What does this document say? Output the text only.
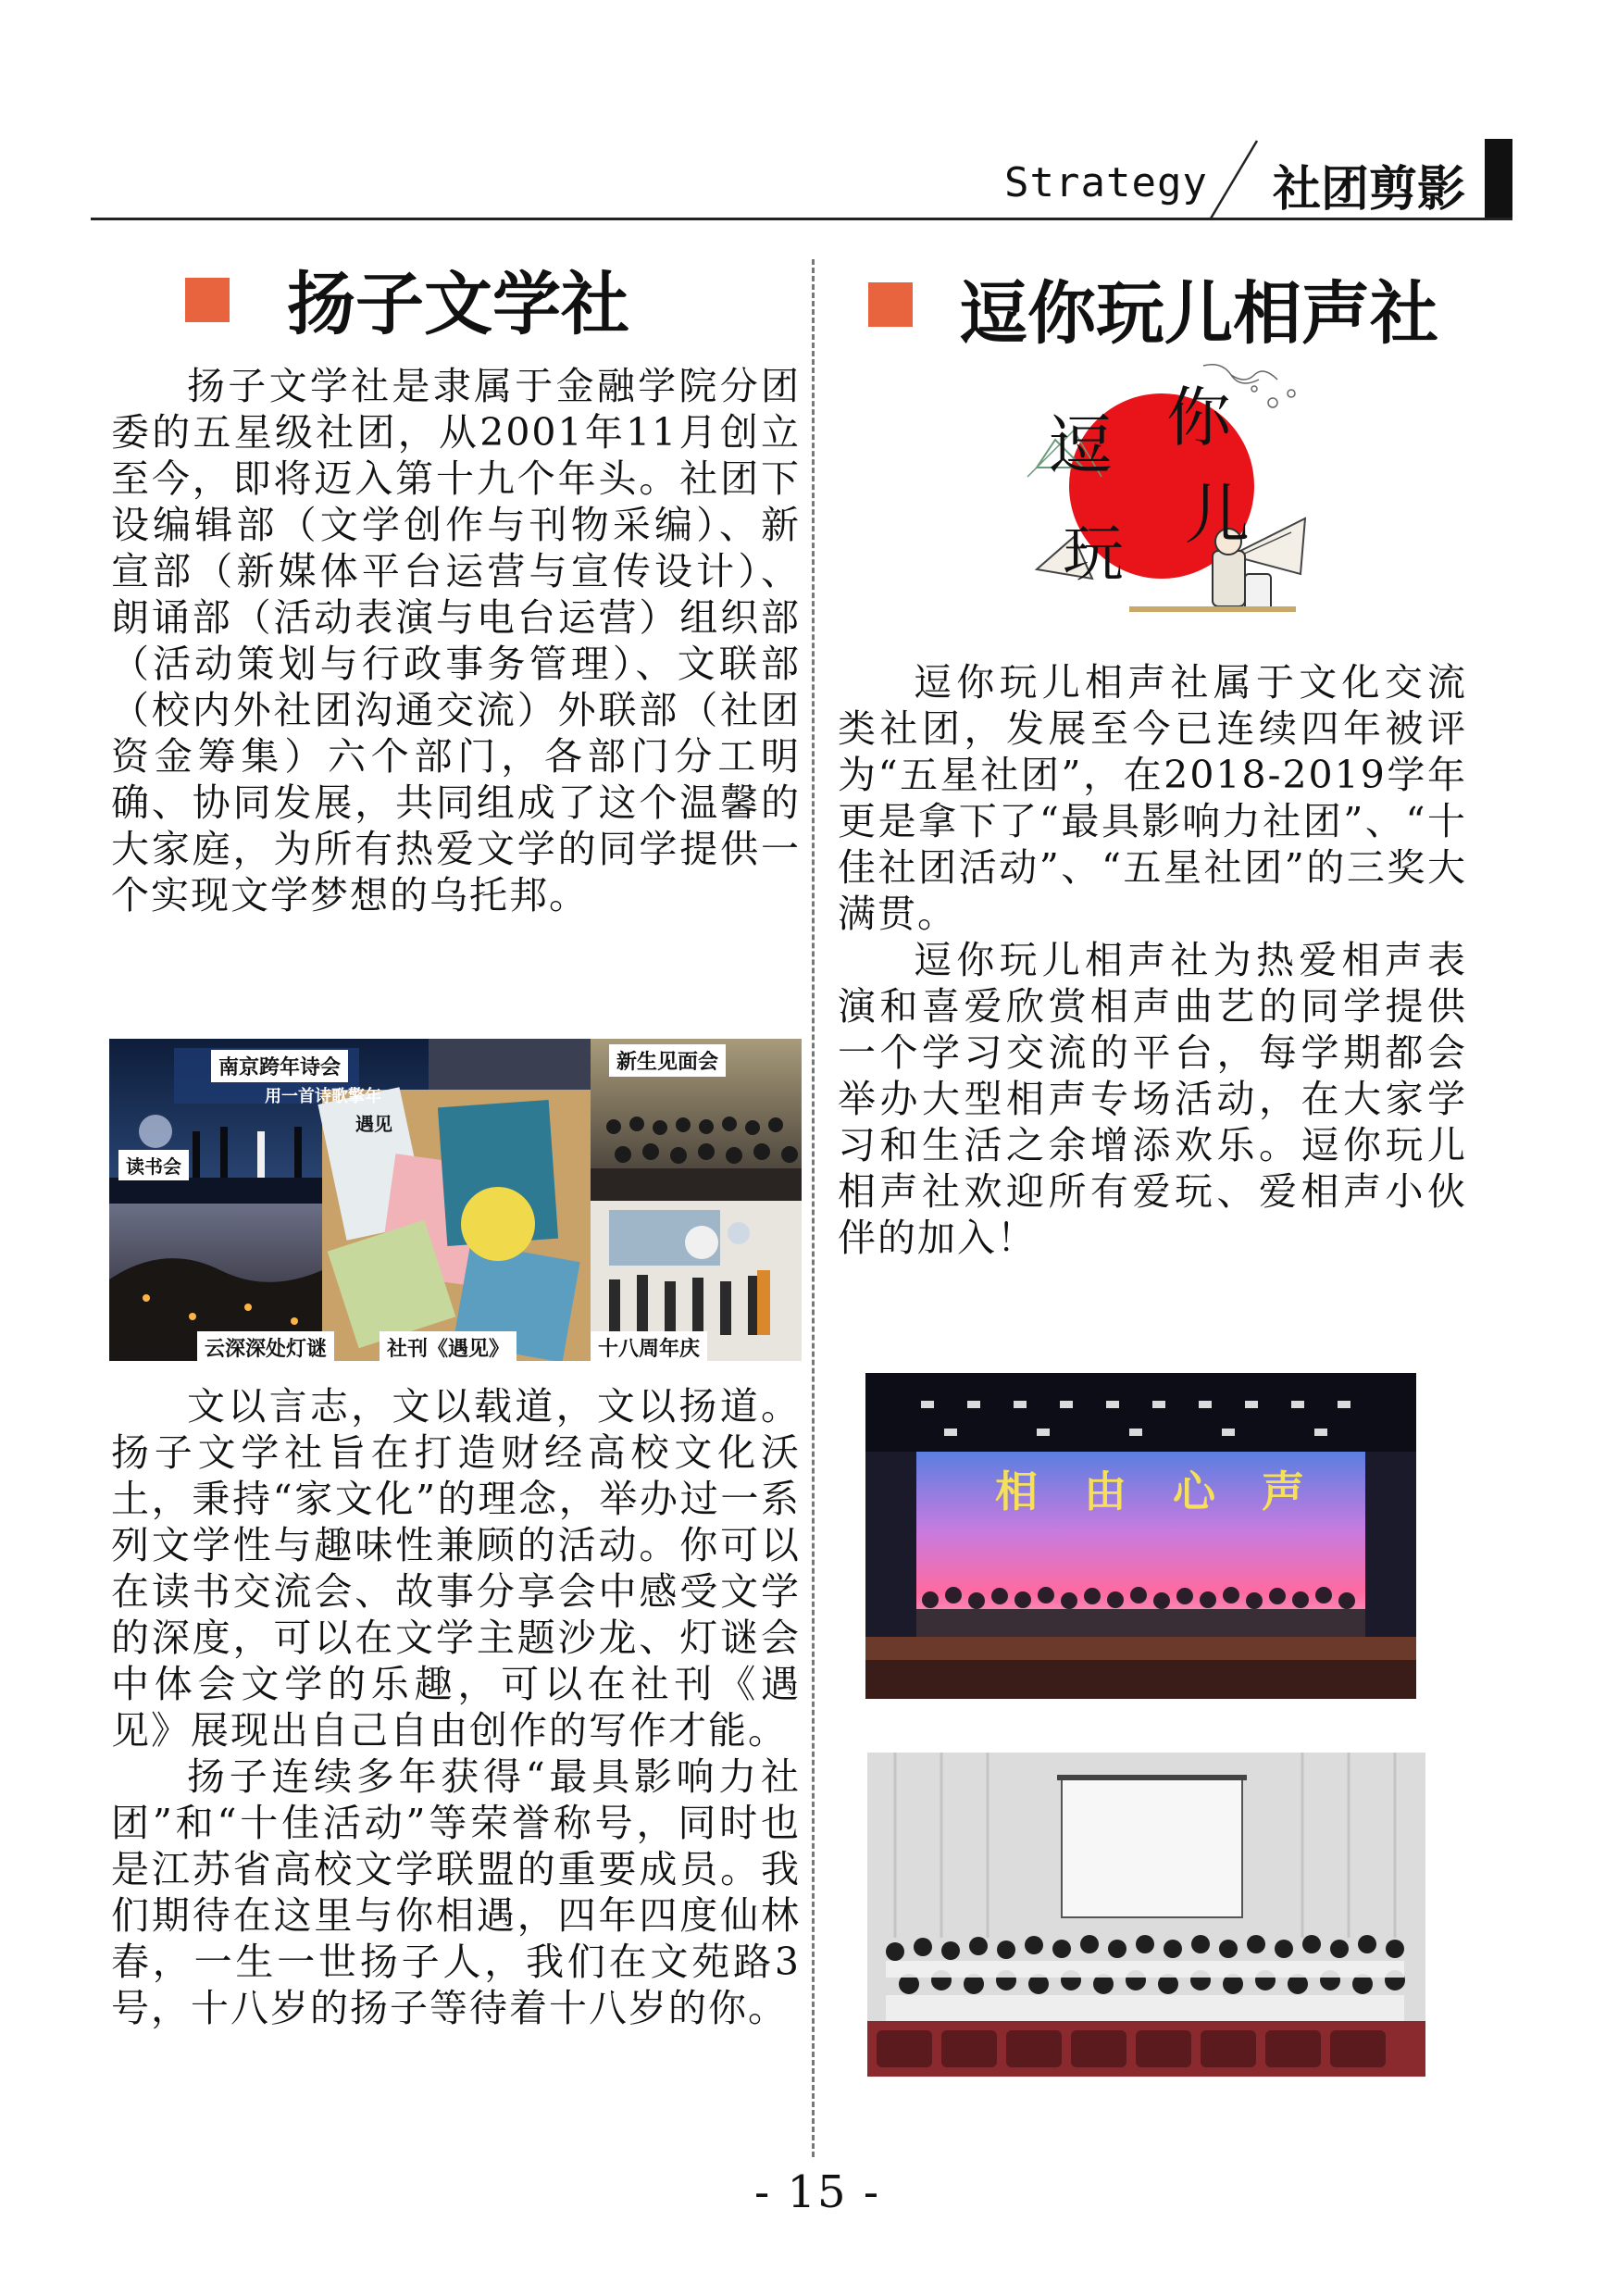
Strategy 社团剪影
扬子文学社

扬子文学社是隶属于金融学院分团委的五星级社团，从2001年11月创立至今，即将迈入第十九个年头。社团下设编辑部（文学创作与刊物采编）、新宣部（新媒体平台运营与宣传设计）、朗诵部（活动表演与电台运营）组织部（活动策划与行政事务管理）、文联部（校内外社团沟通交流）外联部（社团资金筹集）六个部门，各部门分工明确、协同发展，共同组成了这个温馨的大家庭，为所有热爱文学的同学提供一个实现文学梦想的乌托邦。

南京跨年诗会
用一首诗歌擎年
读书会
新生见面会
云深深处灯谜	社刊《遇见》	十八周年庆
遇见

文以言志，文以载道，文以扬道。扬子文学社旨在打造财经高校文化沃土，秉持“家文化”的理念，举办过一系列文学性与趣味性兼顾的活动。你可以在读书交流会、故事分享会中感受文学的深度，可以在文学主题沙龙、灯谜会中体会文学的乐趣，可以在社刊《遇见》展现出自己自由创作的写作才能。

扬子连续多年获得“最具影响力社团”和“十佳活动”等荣誉称号，同时也是江苏省高校文学联盟的重要成员。我们期待在这里与你相遇，四年四度仙林春，一生一世扬子人，我们在文苑路3号，十八岁的扬子等待着十八岁的你。

逗你玩儿相声社
逗 你
玩
儿

逗你玩儿相声社属于文化交流类社团，发展至今已连续四年被评为“五星社团”，在2018-2019学年更是拿下了“最具影响力社团”、“十佳社团活动”、“五星社团”的三奖大满贯。

逗你玩儿相声社为热爱相声表演和喜爱欣赏相声曲艺的同学提供一个学习交流的平台，每学期都会举办大型相声专场活动，在大家学习和生活之余增添欢乐。逗你玩儿相声社欢迎所有爱玩、爱相声小伙伴的加入！

相由心声
- 15 -
